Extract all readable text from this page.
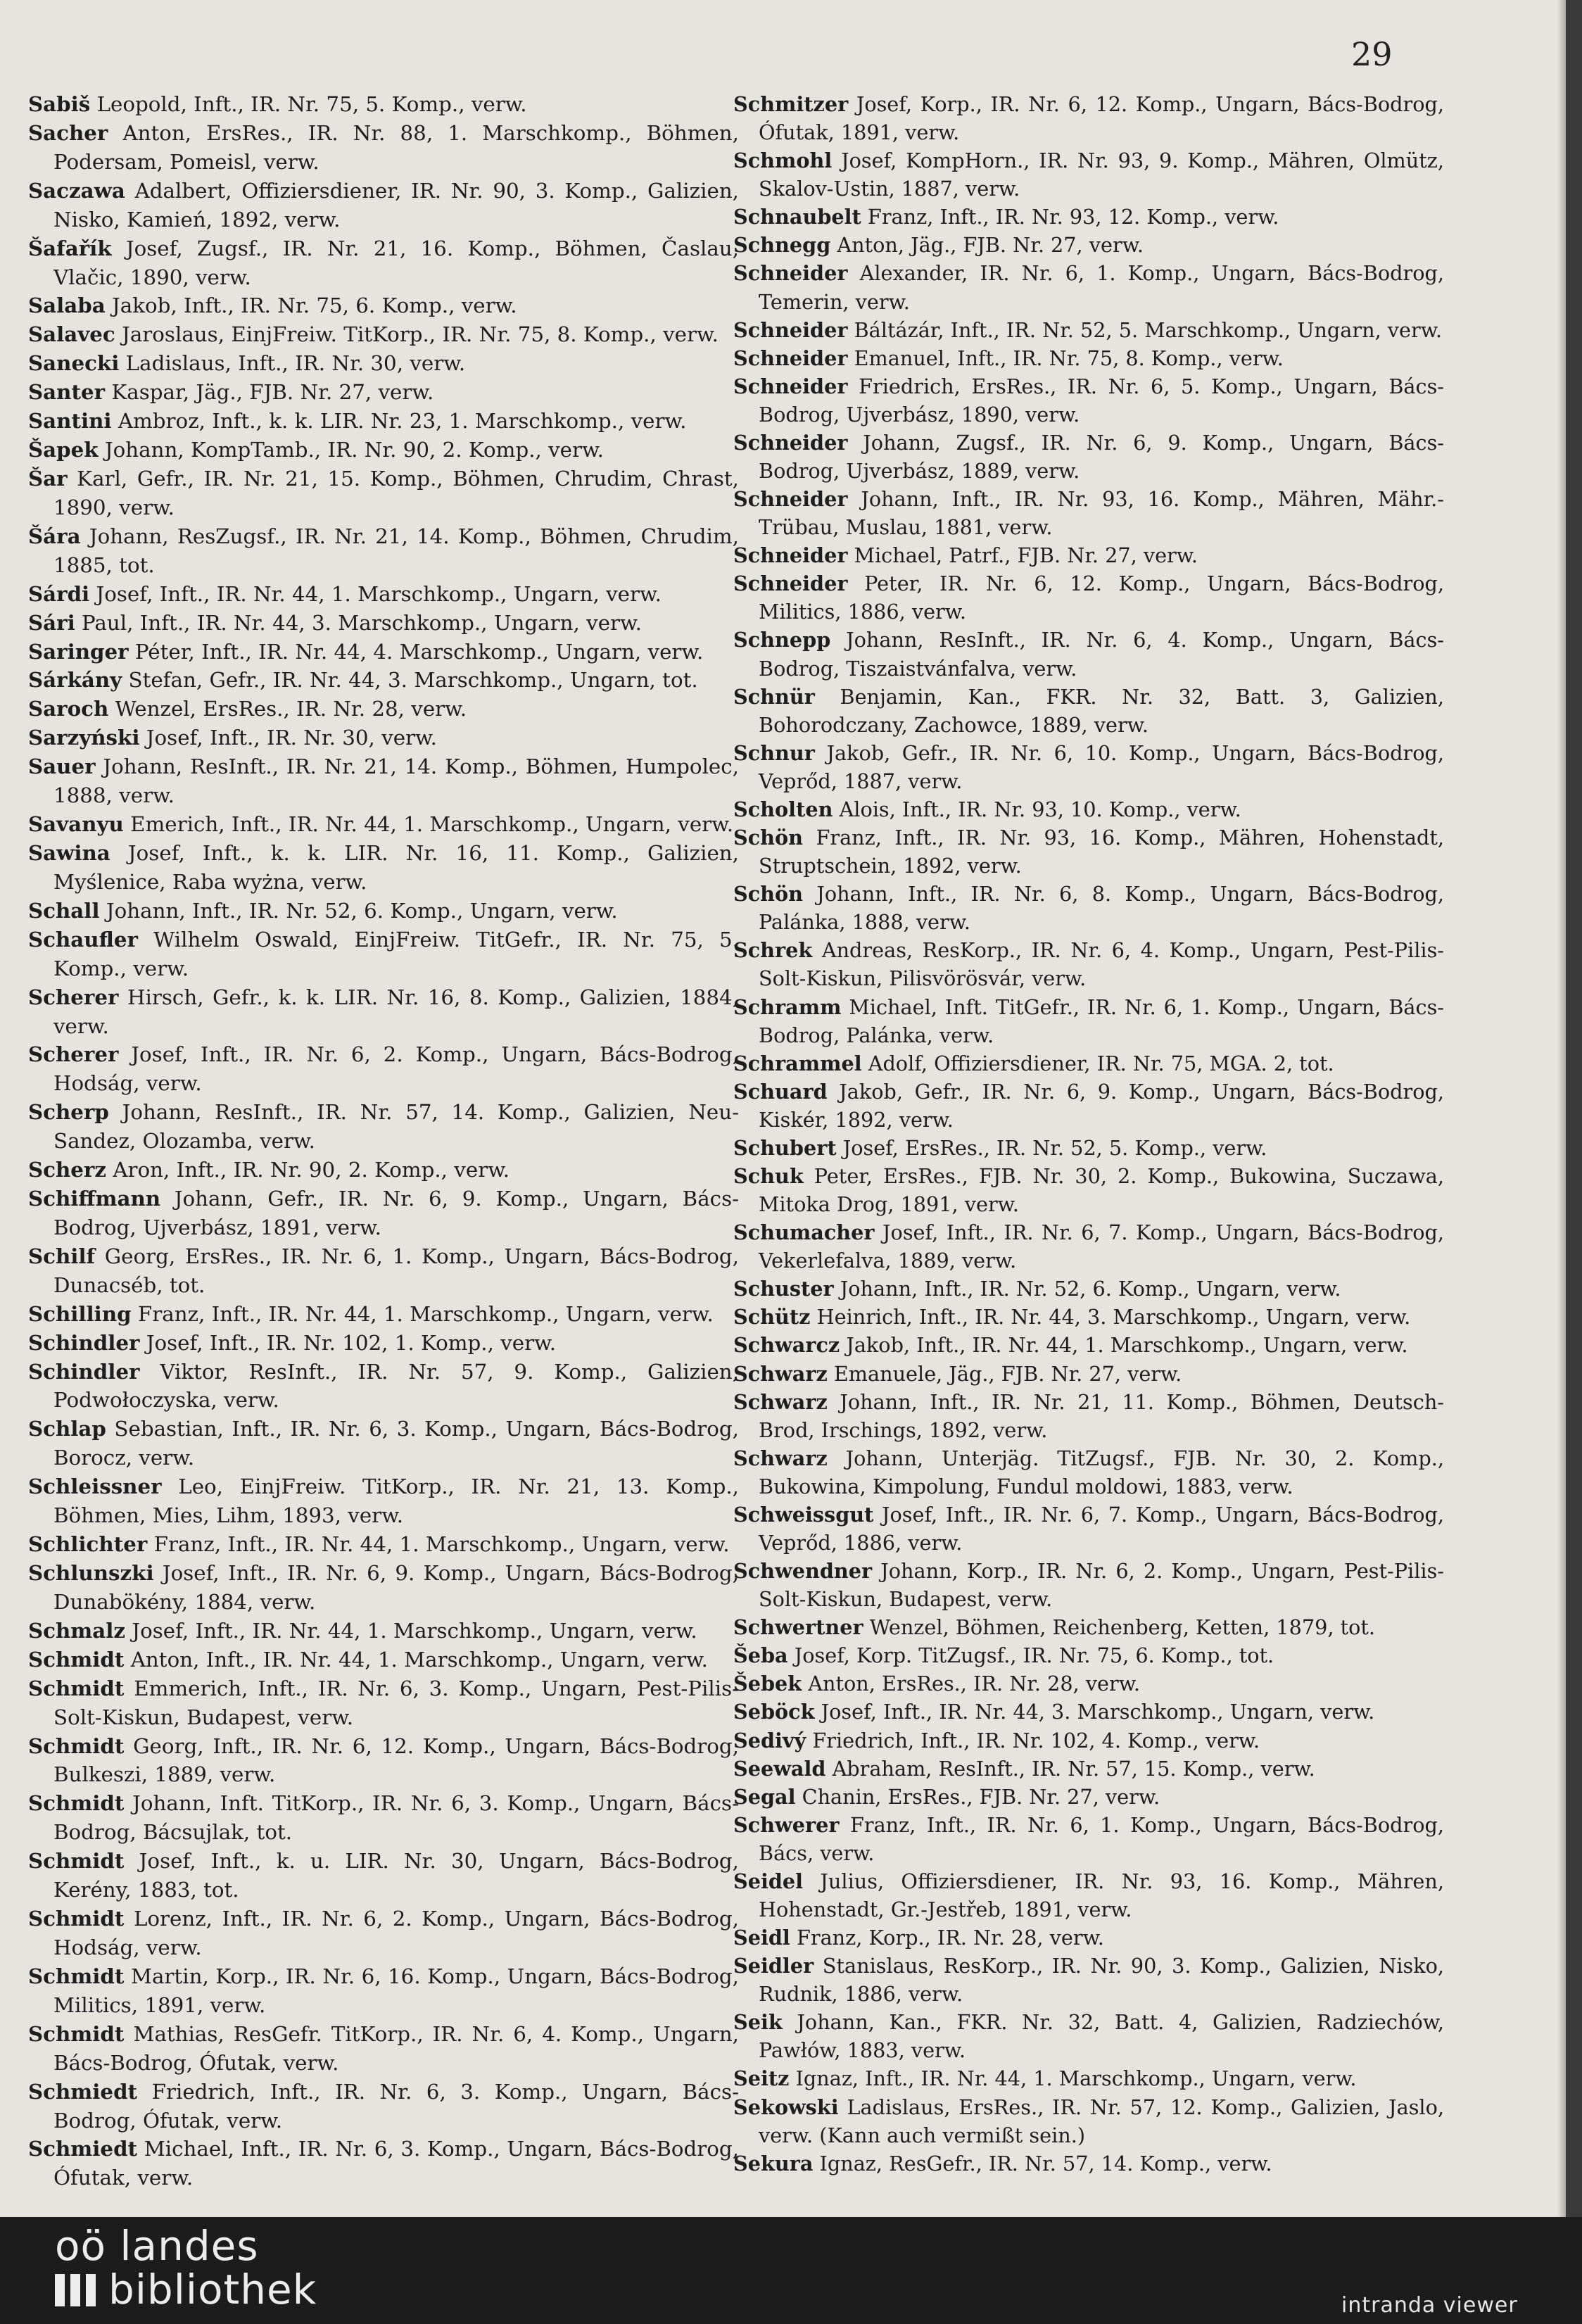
29
Sabiš Leopold, Inft., IR. Nr. 75, 5. Komp., verw.
Sacher Anton, ErsRes., IR. Nr. 88, 1. Marschkomp., Böhmen, Podersam, Pomeisl, verw.
Saczawa Adalbert, Offiziersdiener, IR. Nr. 90, 3. Komp., Galizien, Nisko, Kamień, 1892, verw.
Šafařík Josef, Zugsf., IR. Nr. 21, 16. Komp., Böhmen, Časlau, Vlačic, 1890, verw.
Salaba Jakob, Inft., IR. Nr. 75, 6. Komp., verw.
Salavec Jaroslaus, EinjFreiw. TitKorp., IR. Nr. 75, 8. Komp., verw.
Sanecki Ladislaus, Inft., IR. Nr. 30, verw.
Santer Kaspar, Jäg., FJB. Nr. 27, verw.
Santini Ambroz, Inft., k. k. LIR. Nr. 23, 1. Marschkomp., verw.
Šapek Johann, KompTamb., IR. Nr. 90, 2. Komp., verw.
Šar Karl, Gefr., IR. Nr. 21, 15. Komp., Böhmen, Chrudim, Chrast, 1890, verw.
Šára Johann, ResZugsf., IR. Nr. 21, 14. Komp., Böhmen, Chrudim, 1885, tot.
Sárdi Josef, Inft., IR. Nr. 44, 1. Marschkomp., Ungarn, verw.
Sári Paul, Inft., IR. Nr. 44, 3. Marschkomp., Ungarn, verw.
Saringer Péter, Inft., IR. Nr. 44, 4. Marschkomp., Ungarn, verw.
Sárkány Stefan, Gefr., IR. Nr. 44, 3. Marschkomp., Ungarn, tot.
Saroch Wenzel, ErsRes., IR. Nr. 28, verw.
Sarzyński Josef, Inft., IR. Nr. 30, verw.
Sauer Johann, ResInft., IR. Nr. 21, 14. Komp., Böhmen, Humpolec, 1888, verw.
Savanyu Emerich, Inft., IR. Nr. 44, 1. Marschkomp., Ungarn, verw.
Sawina Josef, Inft., k. k. LIR. Nr. 16, 11. Komp., Galizien, Myślenice, Raba wyżna, verw.
Schall Johann, Inft., IR. Nr. 52, 6. Komp., Ungarn, verw.
Schaufler Wilhelm Oswald, EinjFreiw. TitGefr., IR. Nr. 75, 5. Komp., verw.
Scherer Hirsch, Gefr., k. k. LIR. Nr. 16, 8. Komp., Galizien, 1884, verw.
Scherer Josef, Inft., IR. Nr. 6, 2. Komp., Ungarn, Bács-Bodrog, Hodság, verw.
Scherp Johann, ResInft., IR. Nr. 57, 14. Komp., Galizien, Neu-Sandez, Olozamba, verw.
Scherz Aron, Inft., IR. Nr. 90, 2. Komp., verw.
Schiffmann Johann, Gefr., IR. Nr. 6, 9. Komp., Ungarn, Bács-Bodrog, Ujverbász, 1891, verw.
Schilf Georg, ErsRes., IR. Nr. 6, 1. Komp., Ungarn, Bács-Bodrog, Dunacséb, tot.
Schilling Franz, Inft., IR. Nr. 44, 1. Marschkomp., Ungarn, verw.
Schindler Josef, Inft., IR. Nr. 102, 1. Komp., verw.
Schindler Viktor, ResInft., IR. Nr. 57, 9. Komp., Galizien, Podwołoczyska, verw.
Schlap Sebastian, Inft., IR. Nr. 6, 3. Komp., Ungarn, Bács-Bodrog, Borocz, verw.
Schleissner Leo, EinjFreiw. TitKorp., IR. Nr. 21, 13. Komp., Böhmen, Mies, Lihm, 1893, verw.
Schlichter Franz, Inft., IR. Nr. 44, 1. Marschkomp., Ungarn, verw.
Schlunszki Josef, Inft., IR. Nr. 6, 9. Komp., Ungarn, Bács-Bodrog, Dunabökény, 1884, verw.
Schmalz Josef, Inft., IR. Nr. 44, 1. Marschkomp., Ungarn, verw.
Schmidt Anton, Inft., IR. Nr. 44, 1. Marschkomp., Ungarn, verw.
Schmidt Emmerich, Inft., IR. Nr. 6, 3. Komp., Ungarn, Pest-Pilis-Solt-Kiskun, Budapest, verw.
Schmidt Georg, Inft., IR. Nr. 6, 12. Komp., Ungarn, Bács-Bodrog, Bulkeszi, 1889, verw.
Schmidt Johann, Inft. TitKorp., IR. Nr. 6, 3. Komp., Ungarn, Bács-Bodrog, Bácsujlak, tot.
Schmidt Josef, Inft., k. u. LIR. Nr. 30, Ungarn, Bács-Bodrog, Kerény, 1883, tot.
Schmidt Lorenz, Inft., IR. Nr. 6, 2. Komp., Ungarn, Bács-Bodrog, Hodság, verw.
Schmidt Martin, Korp., IR. Nr. 6, 16. Komp., Ungarn, Bács-Bodrog, Militics, 1891, verw.
Schmidt Mathias, ResGefr. TitKorp., IR. Nr. 6, 4. Komp., Ungarn, Bács-Bodrog, Ófutak, verw.
Schmiedt Friedrich, Inft., IR. Nr. 6, 3. Komp., Ungarn, Bács-Bodrog, Ófutak, verw.
Schmiedt Michael, Inft., IR. Nr. 6, 3. Komp., Ungarn, Bács-Bodrog, Ófutak, verw.
Schmitzer Josef, Korp., IR. Nr. 6, 12. Komp., Ungarn, Bács-Bodrog, Ófutak, 1891, verw.
Schmohl Josef, KompHorn., IR. Nr. 93, 9. Komp., Mähren, Olmütz, Skalov-Ustin, 1887, verw.
Schnaubelt Franz, Inft., IR. Nr. 93, 12. Komp., verw.
Schnegg Anton, Jäg., FJB. Nr. 27, verw.
Schneider Alexander, IR. Nr. 6, 1. Komp., Ungarn, Bács-Bodrog, Temerin, verw.
Schneider Báltázár, Inft., IR. Nr. 52, 5. Marschkomp., Ungarn, verw.
Schneider Emanuel, Inft., IR. Nr. 75, 8. Komp., verw.
Schneider Friedrich, ErsRes., IR. Nr. 6, 5. Komp., Ungarn, Bács-Bodrog, Ujverbász, 1890, verw.
Schneider Johann, Zugsf., IR. Nr. 6, 9. Komp., Ungarn, Bács-Bodrog, Ujverbász, 1889, verw.
Schneider Johann, Inft., IR. Nr. 93, 16. Komp., Mähren, Mähr.-Trübau, Muslau, 1881, verw.
Schneider Michael, Patrf., FJB. Nr. 27, verw.
Schneider Peter, IR. Nr. 6, 12. Komp., Ungarn, Bács-Bodrog, Militics, 1886, verw.
Schnepp Johann, ResInft., IR. Nr. 6, 4. Komp., Ungarn, Bács-Bodrog, Tiszaistvánfalva, verw.
Schnür Benjamin, Kan., FKR. Nr. 32, Batt. 3, Galizien, Bohorodczany, Zachowce, 1889, verw.
Schnur Jakob, Gefr., IR. Nr. 6, 10. Komp., Ungarn, Bács-Bodrog, Veprőd, 1887, verw.
Scholten Alois, Inft., IR. Nr. 93, 10. Komp., verw.
Schön Franz, Inft., IR. Nr. 93, 16. Komp., Mähren, Hohenstadt, Struptschein, 1892, verw.
Schön Johann, Inft., IR. Nr. 6, 8. Komp., Ungarn, Bács-Bodrog, Palánka, 1888, verw.
Schrek Andreas, ResKorp., IR. Nr. 6, 4. Komp., Ungarn, Pest-Pilis-Solt-Kiskun, Pilisvörösvár, verw.
Schramm Michael, Inft. TitGefr., IR. Nr. 6, 1. Komp., Ungarn, Bács-Bodrog, Palánka, verw.
Schrammel Adolf, Offiziersdiener, IR. Nr. 75, MGA. 2, tot.
Schuard Jakob, Gefr., IR. Nr. 6, 9. Komp., Ungarn, Bács-Bodrog, Kiskér, 1892, verw.
Schubert Josef, ErsRes., IR. Nr. 52, 5. Komp., verw.
Schuk Peter, ErsRes., FJB. Nr. 30, 2. Komp., Bukowina, Suczawa, Mitoka Drog, 1891, verw.
Schumacher Josef, Inft., IR. Nr. 6, 7. Komp., Ungarn, Bács-Bodrog, Vekerlefalva, 1889, verw.
Schuster Johann, Inft., IR. Nr. 52, 6. Komp., Ungarn, verw.
Schütz Heinrich, Inft., IR. Nr. 44, 3. Marschkomp., Ungarn, verw.
Schwarcz Jakob, Inft., IR. Nr. 44, 1. Marschkomp., Ungarn, verw.
Schwarz Emanuele, Jäg., FJB. Nr. 27, verw.
Schwarz Johann, Inft., IR. Nr. 21, 11. Komp., Böhmen, Deutsch-Brod, Irschings, 1892, verw.
Schwarz Johann, Unterjäg. TitZugsf., FJB. Nr. 30, 2. Komp., Bukowina, Kimpolung, Fundul moldowi, 1883, verw.
Schweissgut Josef, Inft., IR. Nr. 6, 7. Komp., Ungarn, Bács-Bodrog, Veprőd, 1886, verw.
Schwendner Johann, Korp., IR. Nr. 6, 2. Komp., Ungarn, Pest-Pilis-Solt-Kiskun, Budapest, verw.
Schwertner Wenzel, Böhmen, Reichenberg, Ketten, 1879, tot.
Šeba Josef, Korp. TitZugsf., IR. Nr. 75, 6. Komp., tot.
Šebek Anton, ErsRes., IR. Nr. 28, verw.
Seböck Josef, Inft., IR. Nr. 44, 3. Marschkomp., Ungarn, verw.
Sedivý Friedrich, Inft., IR. Nr. 102, 4. Komp., verw.
Seewald Abraham, ResInft., IR. Nr. 57, 15. Komp., verw.
Segal Chanin, ErsRes., FJB. Nr. 27, verw.
Schwerer Franz, Inft., IR. Nr. 6, 1. Komp., Ungarn, Bács-Bodrog, Bács, verw.
Seidel Julius, Offiziersdiener, IR. Nr. 93, 16. Komp., Mähren, Hohenstadt, Gr.-Jestřeb, 1891, verw.
Seidl Franz, Korp., IR. Nr. 28, verw.
Seidler Stanislaus, ResKorp., IR. Nr. 90, 3. Komp., Galizien, Nisko, Rudnik, 1886, verw.
Seik Johann, Kan., FKR. Nr. 32, Batt. 4, Galizien, Radziechów, Pawłów, 1883, verw.
Seitz Ignaz, Inft., IR. Nr. 44, 1. Marschkomp., Ungarn, verw.
Sekowski Ladislaus, ErsRes., IR. Nr. 57, 12. Komp., Galizien, Jaslo, verw. (Kann auch vermißt sein.)
Sekura Ignaz, ResGefr., IR. Nr. 57, 14. Komp., verw.
oö landes
bibliothek	intranda viewer
